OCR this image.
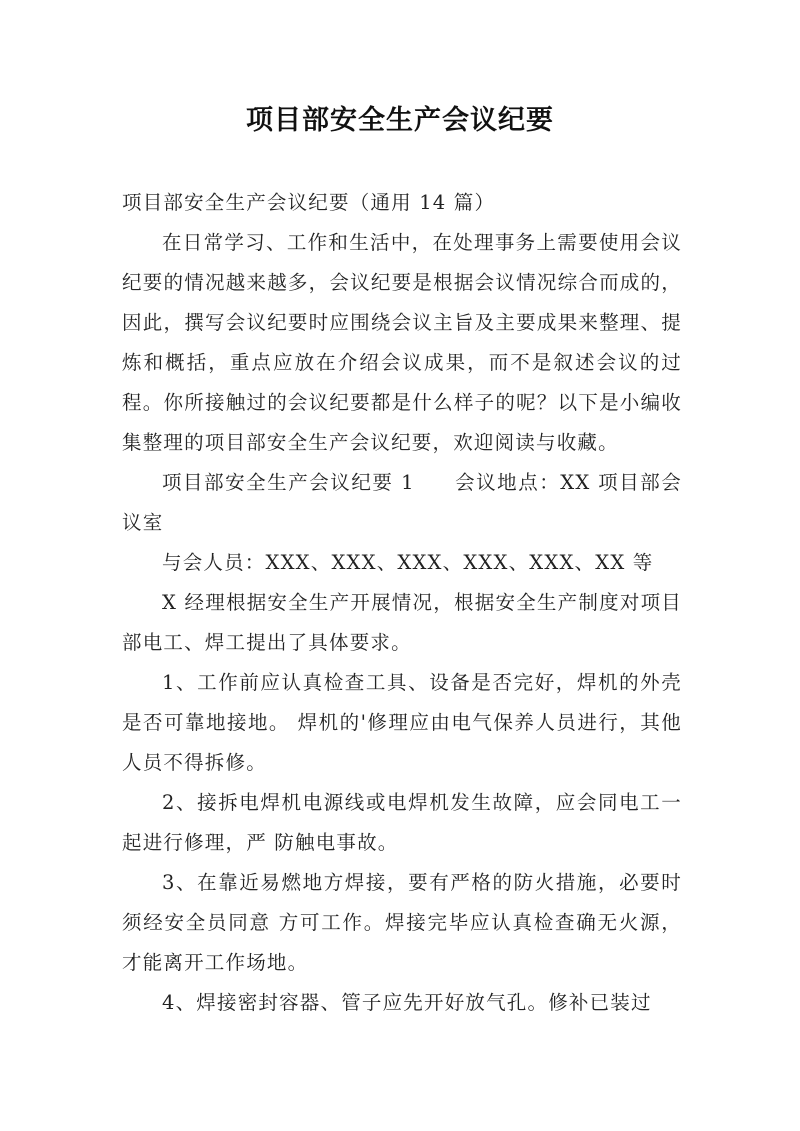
项目部安全生产会议纪要

项目部安全生产会议纪要（通用 14 篇）

在日常学习、工作和生活中，在处理事务上需要使用会议纪要的情况越来越多，会议纪要是根据会议情况综合而成的，因此，撰写会议纪要时应围绕会议主旨及主要成果来整理、提炼和概括，重点应放在介绍会议成果，而不是叙述会议的过程。你所接触过的会议纪要都是什么样子的呢？以下是小编收集整理的项目部安全生产会议纪要，欢迎阅读与收藏。

项目部安全生产会议纪要 1 会议地点：XX 项目部会议室

与会人员：XXX、XXX、XXX、XXX、XXX、XX 等

X 经理根据安全生产开展情况，根据安全生产制度对项目部电工、焊工提出了具体要求。

1、工作前应认真检查工具、设备是否完好，焊机的外壳是否可靠地接地。 焊机的'修理应由电气保养人员进行，其他人员不得拆修。

2、接拆电焊机电源线或电焊机发生故障，应会同电工一起进行修理，严 防触电事故。

3、在靠近易燃地方焊接，要有严格的防火措施，必要时须经安全员同意 方可工作。焊接完毕应认真检查确无火源，才能离开工作场地。

4、焊接密封容器、管子应先开好放气孔。修补已装过
